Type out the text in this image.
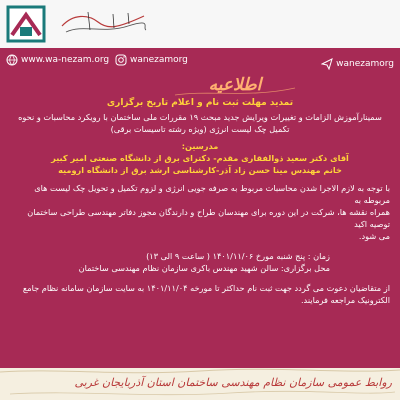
www.wa-nezam.org wanezamorg	wanezamorg
اطلاعیه
تمدید مهلت ثبت نام و اعلام تاریخ برگزاری
سمینارآموزش الزامات و تغییرات ویرایش جدید مبحث ۱۹ مقررات ملی ساختمان با رویکرد محاسبات و نحوه
تکمیل چک لیست انرژی (ویژه رشته تاسیسات برقی)
مدرسین:
آقای دکتر سعید ذوالفقاری مقدم- دکترای برق از دانشگاه صنعتی امیر کبیر
خانم مهندس مینا حسن زاد آذر-کارشناسی ارشد برق از دانشگاه ارومیه
با توجه به لازم الاجرا شدن محاسبات مربوط به صرفه جویی انرژی و لزوم تکمیل و تحویل چک لیست های مربوطه به
همراه نقشه ها، شرکت در این دوره برای مهندسان طراح و دارندگان مجوز دفاتر مهندسی طراحی ساختمان توصیه اکید
می شود.
زمان : پنج شنبه مورخ ۱۴۰۱/۱۱/۰۶ ( ساعت ۹ الی ۱۳)
محل برگزاری: سالن شهید مهندس باکری سازمان نظام مهندسی ساختمان
از متقاضیان دعوت می گردد جهت ثبت نام حداکثر تا مورخه ۱۴۰۱/۱۱/۰۴ به سایت سازمان سامانه نظام جامع
الکترونیک مراجعه فرمایند.
روابط عمومی سازمان نظام مهندسی ساختمان استان آذربایجان غربی
